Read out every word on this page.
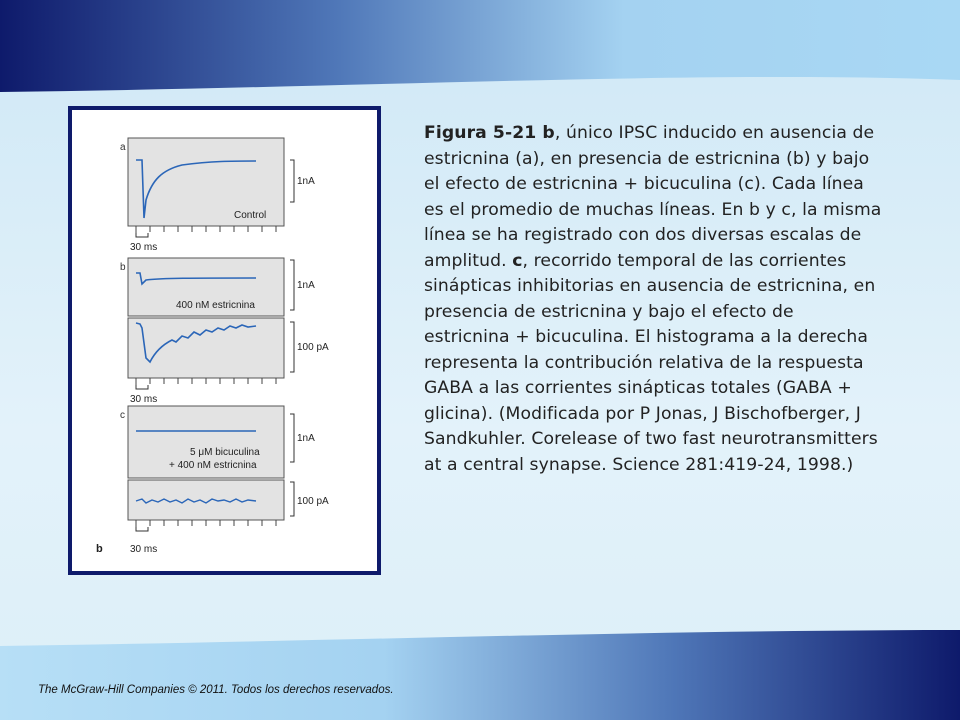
a
Control
1nA
30 ms
b
400 nM estricnina
1nA
100 pA
30 ms
c
5 μM bicuculina
+ 400 nM estricnina
1nA
100 pA
30 ms
b
Figura 5-21 b, único IPSC inducido en ausencia de estricnina (a), en presencia de estricnina (b) y bajo el efecto de estricnina + bicuculina (c). Cada línea es el promedio de muchas líneas. En b y c, la misma línea se ha registrado con dos diversas escalas de amplitud. c, recorrido temporal de las corrientes sinápticas inhibitorias en ausencia de estricnina, en presencia de estricnina y bajo el efecto de estricnina + bicuculina. El histograma a la derecha representa la contribución relativa de la respuesta GABA a las corrientes sinápticas totales (GABA + glicina). (Modificada por P Jonas, J Bischofberger, J Sandkuhler. Corelease of two fast neurotransmitters at a central synapse. Science 281:419-24, 1998.)
The McGraw-Hill Companies © 2011. Todos los derechos reservados.
